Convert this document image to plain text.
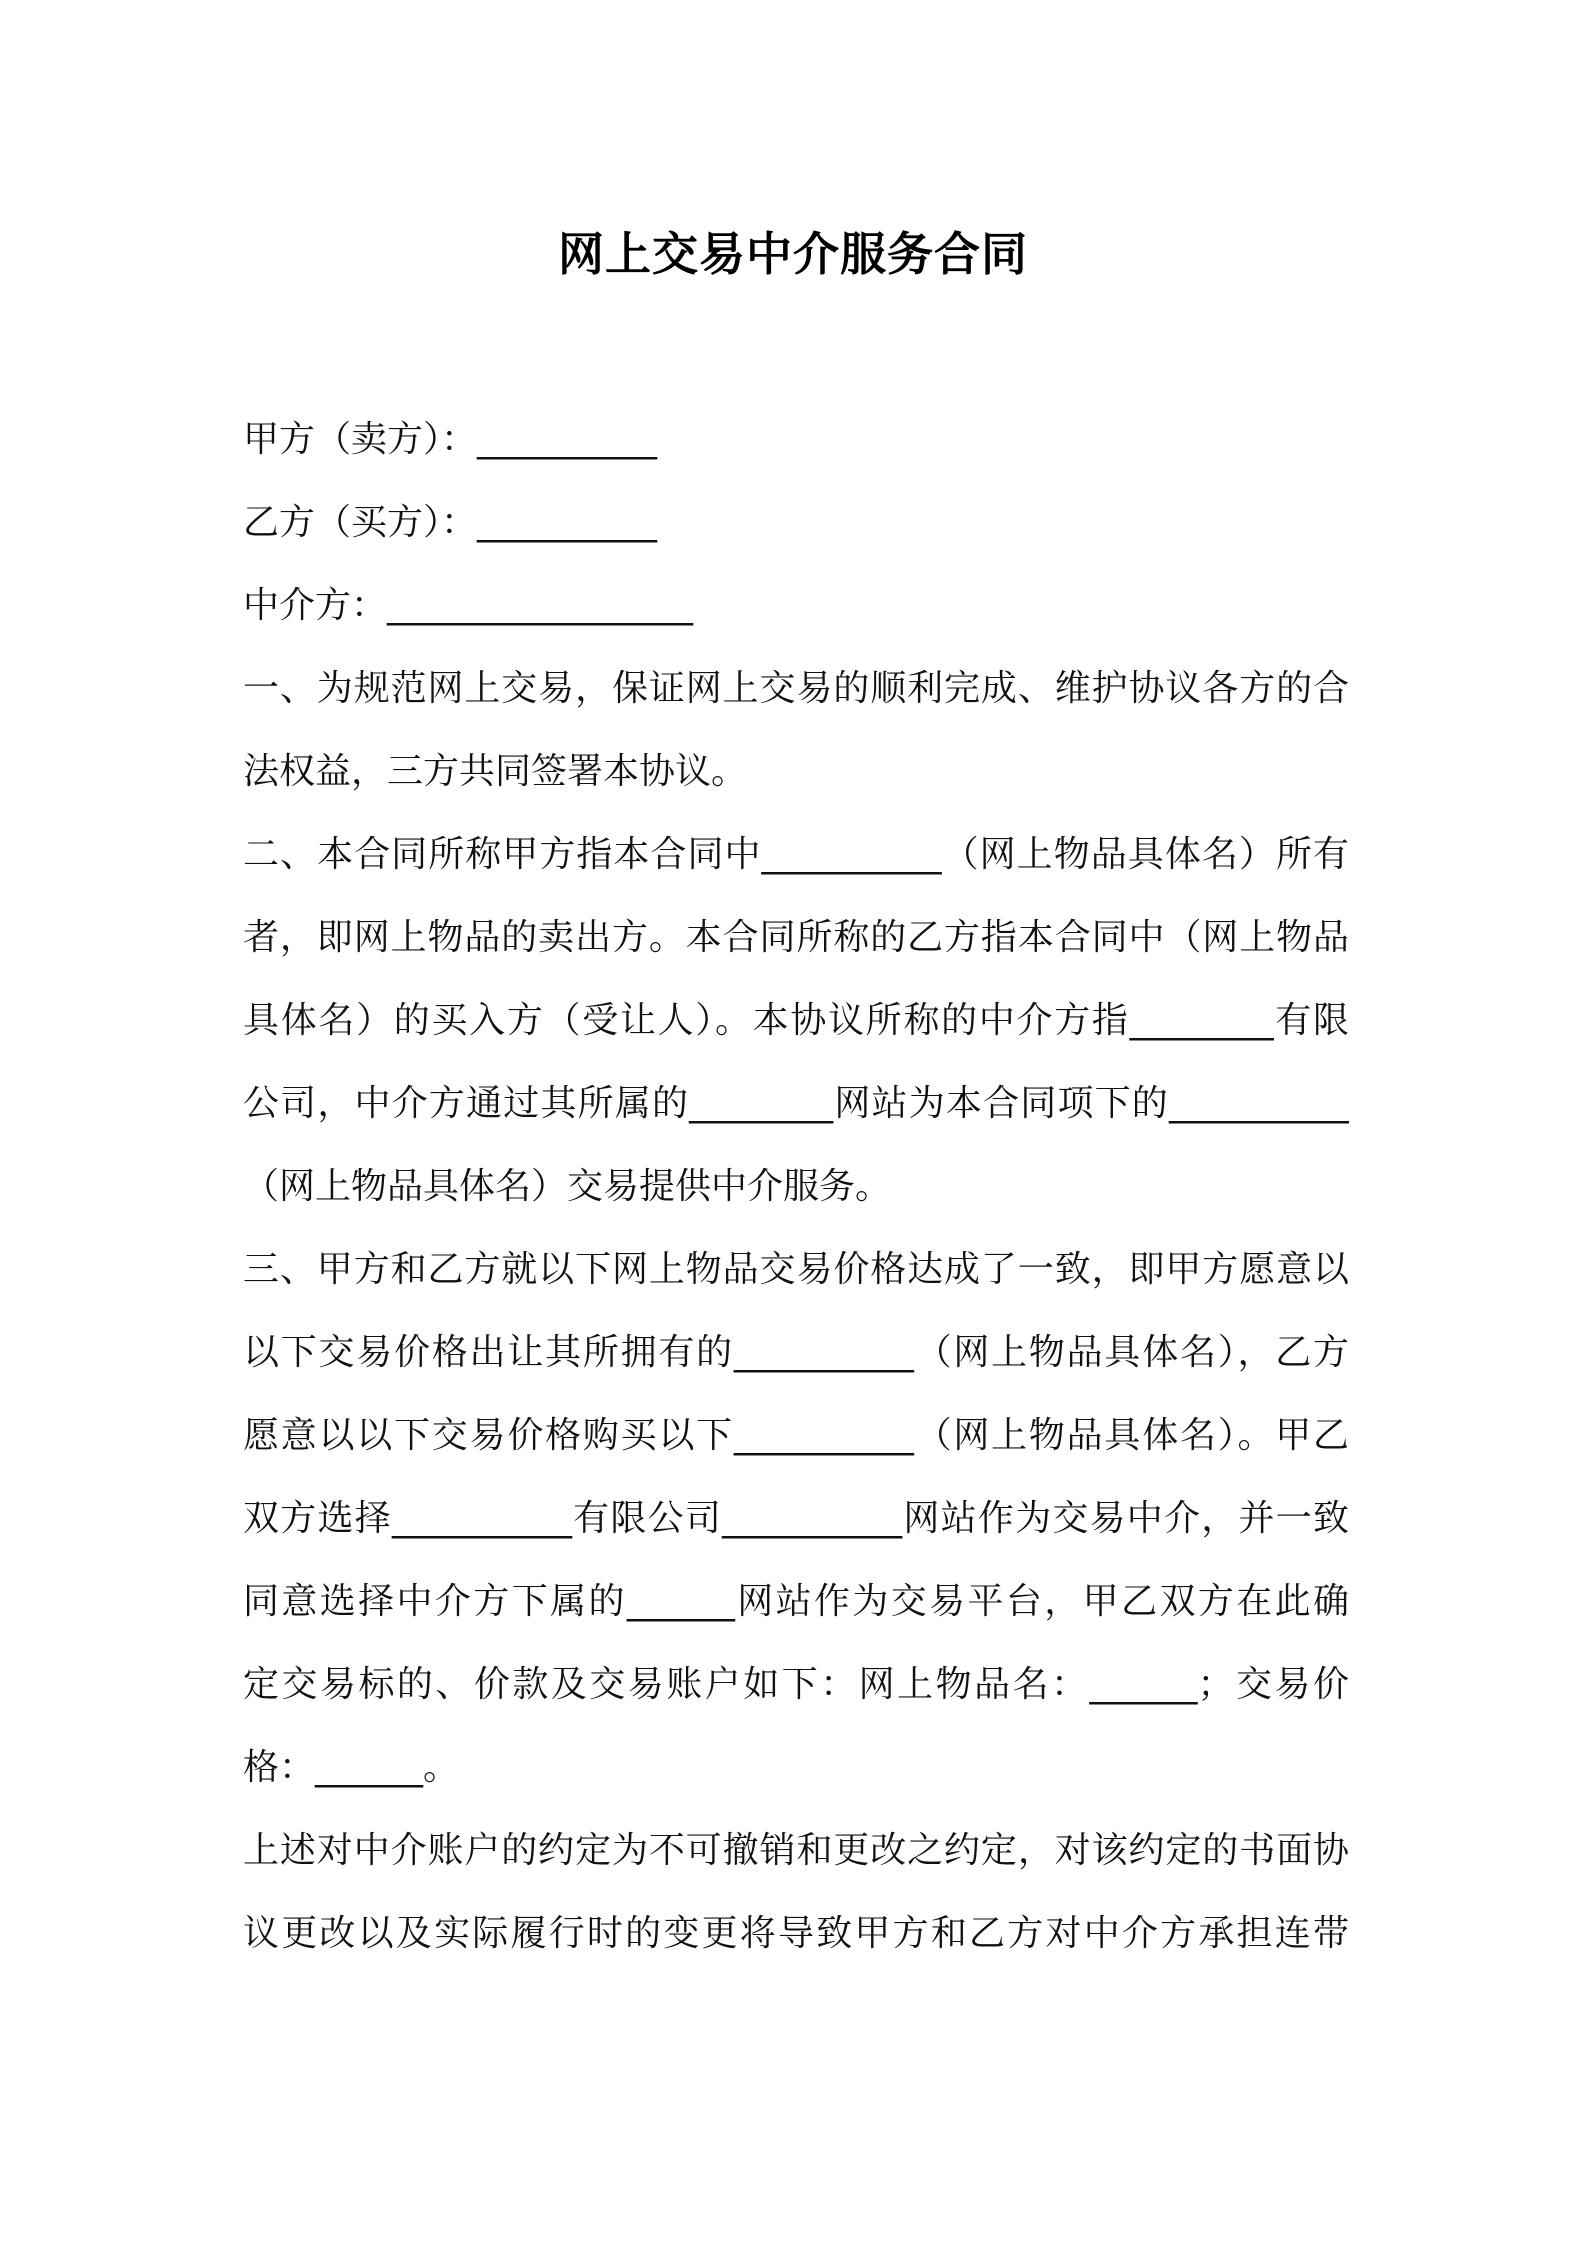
网上交易中介服务合同
甲方（卖方）：__________
乙方（买方）：__________
中介方：_________________
一、为规范网上交易，保证网上交易的顺利完成、维护协议各方的合
法权益，三方共同签署本协议。
二、本合同所称甲方指本合同中__________（网上物品具体名）所有
者，即网上物品的卖出方。本合同所称的乙方指本合同中（网上物品
具体名）的买入方（受让人）。本协议所称的中介方指________有限
公司，中介方通过其所属的________网站为本合同项下的__________
（网上物品具体名）交易提供中介服务。
三、甲方和乙方就以下网上物品交易价格达成了一致，即甲方愿意以
以下交易价格出让其所拥有的__________（网上物品具体名），乙方
愿意以以下交易价格购买以下__________（网上物品具体名）。甲乙
双方选择__________有限公司__________网站作为交易中介，并一致
同意选择中介方下属的______网站作为交易平台，甲乙双方在此确
定交易标的、价款及交易账户如下：网上物品名：______；交易价
格：______。
上述对中介账户的约定为不可撤销和更改之约定，对该约定的书面协
议更改以及实际履行时的变更将导致甲方和乙方对中介方承担连带
